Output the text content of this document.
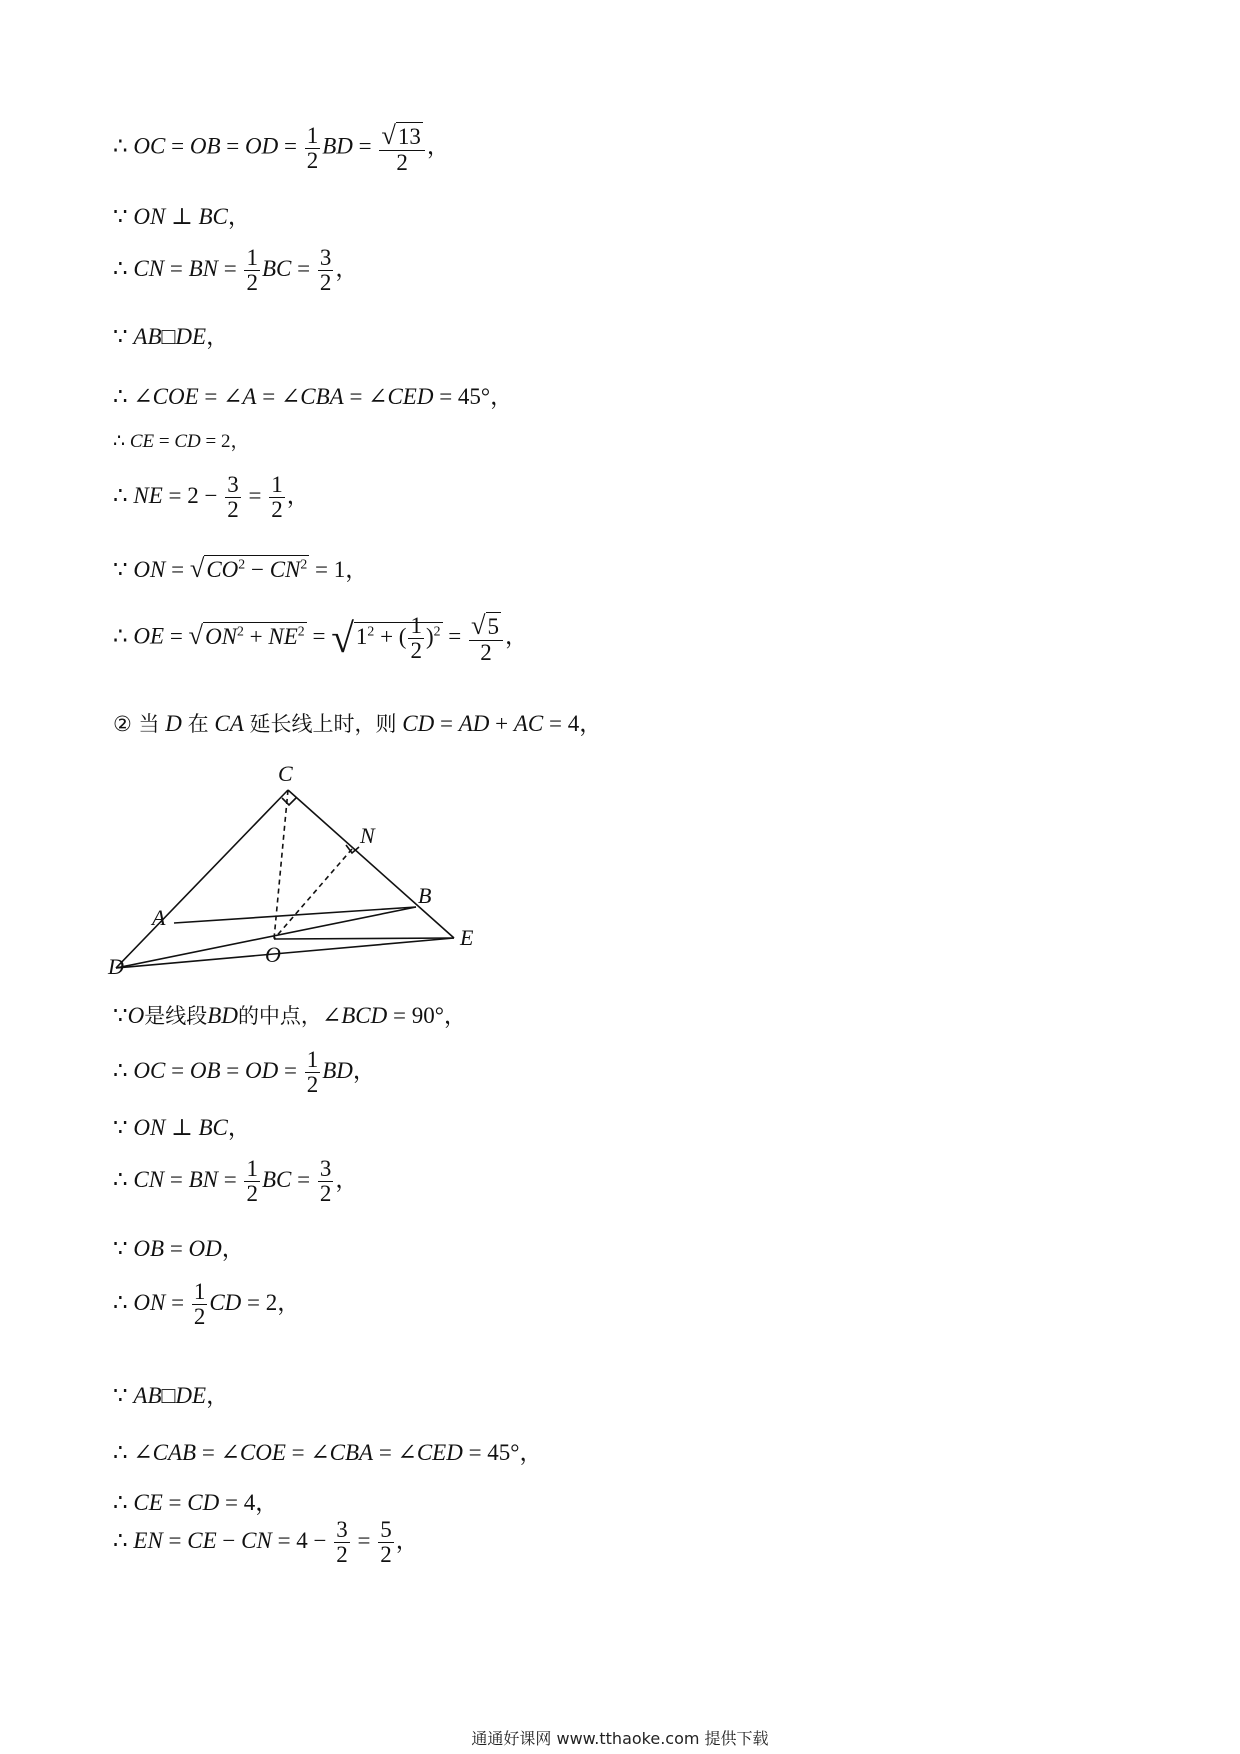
∴ OC = OB = OD = $\frac{1}{2}$ BD = $\frac{√13}{2}$ ，
∵ ON ⊥ BC，
∴ CN = BN = $\frac{1}{2}$ BC = $\frac{3}{2}$ ，
∵ AB□DE，
∴ ∠COE = ∠A = ∠CBA = ∠CED = 45°，
∴ CE = CD = 2，
∴ NE = $2 - \frac{3}{2} = \frac{1}{2}$ ，
∵ ON = $√CO^2 - CN^2 = 1$，
∴ OE = $√ON^2 + NE^2 = √1^2$ + ( $\frac{1}{2} )^2 = \frac{√5}{2}$ ，
② 当 D 在 CA 延长线上时，则 CD = AD + AC = 4，
C
N
A
B
O
E
D
∵O是线段BD的中点，∠BCD = 90°，
∴ OC = OB = OD = $\frac{1}{2}$ BD，
∵ ON ⊥ BC，
∴ CN = BN = $\frac{1}{2}$ BC = $\frac{3}{2}$ ，
∵ OB = OD，
∴ ON = $\frac{1}{2}$ CD = 2，
∵ AB□DE，
∴ ∠CAB = ∠COE = ∠CBA = ∠CED = 45°，
∴ CE = CD = 4，
∴ EN = CE − CN = $4 - \frac{3}{2} = \frac{5}{2}$ ，
通通好课网 www.tthaoke.com 提供下载
